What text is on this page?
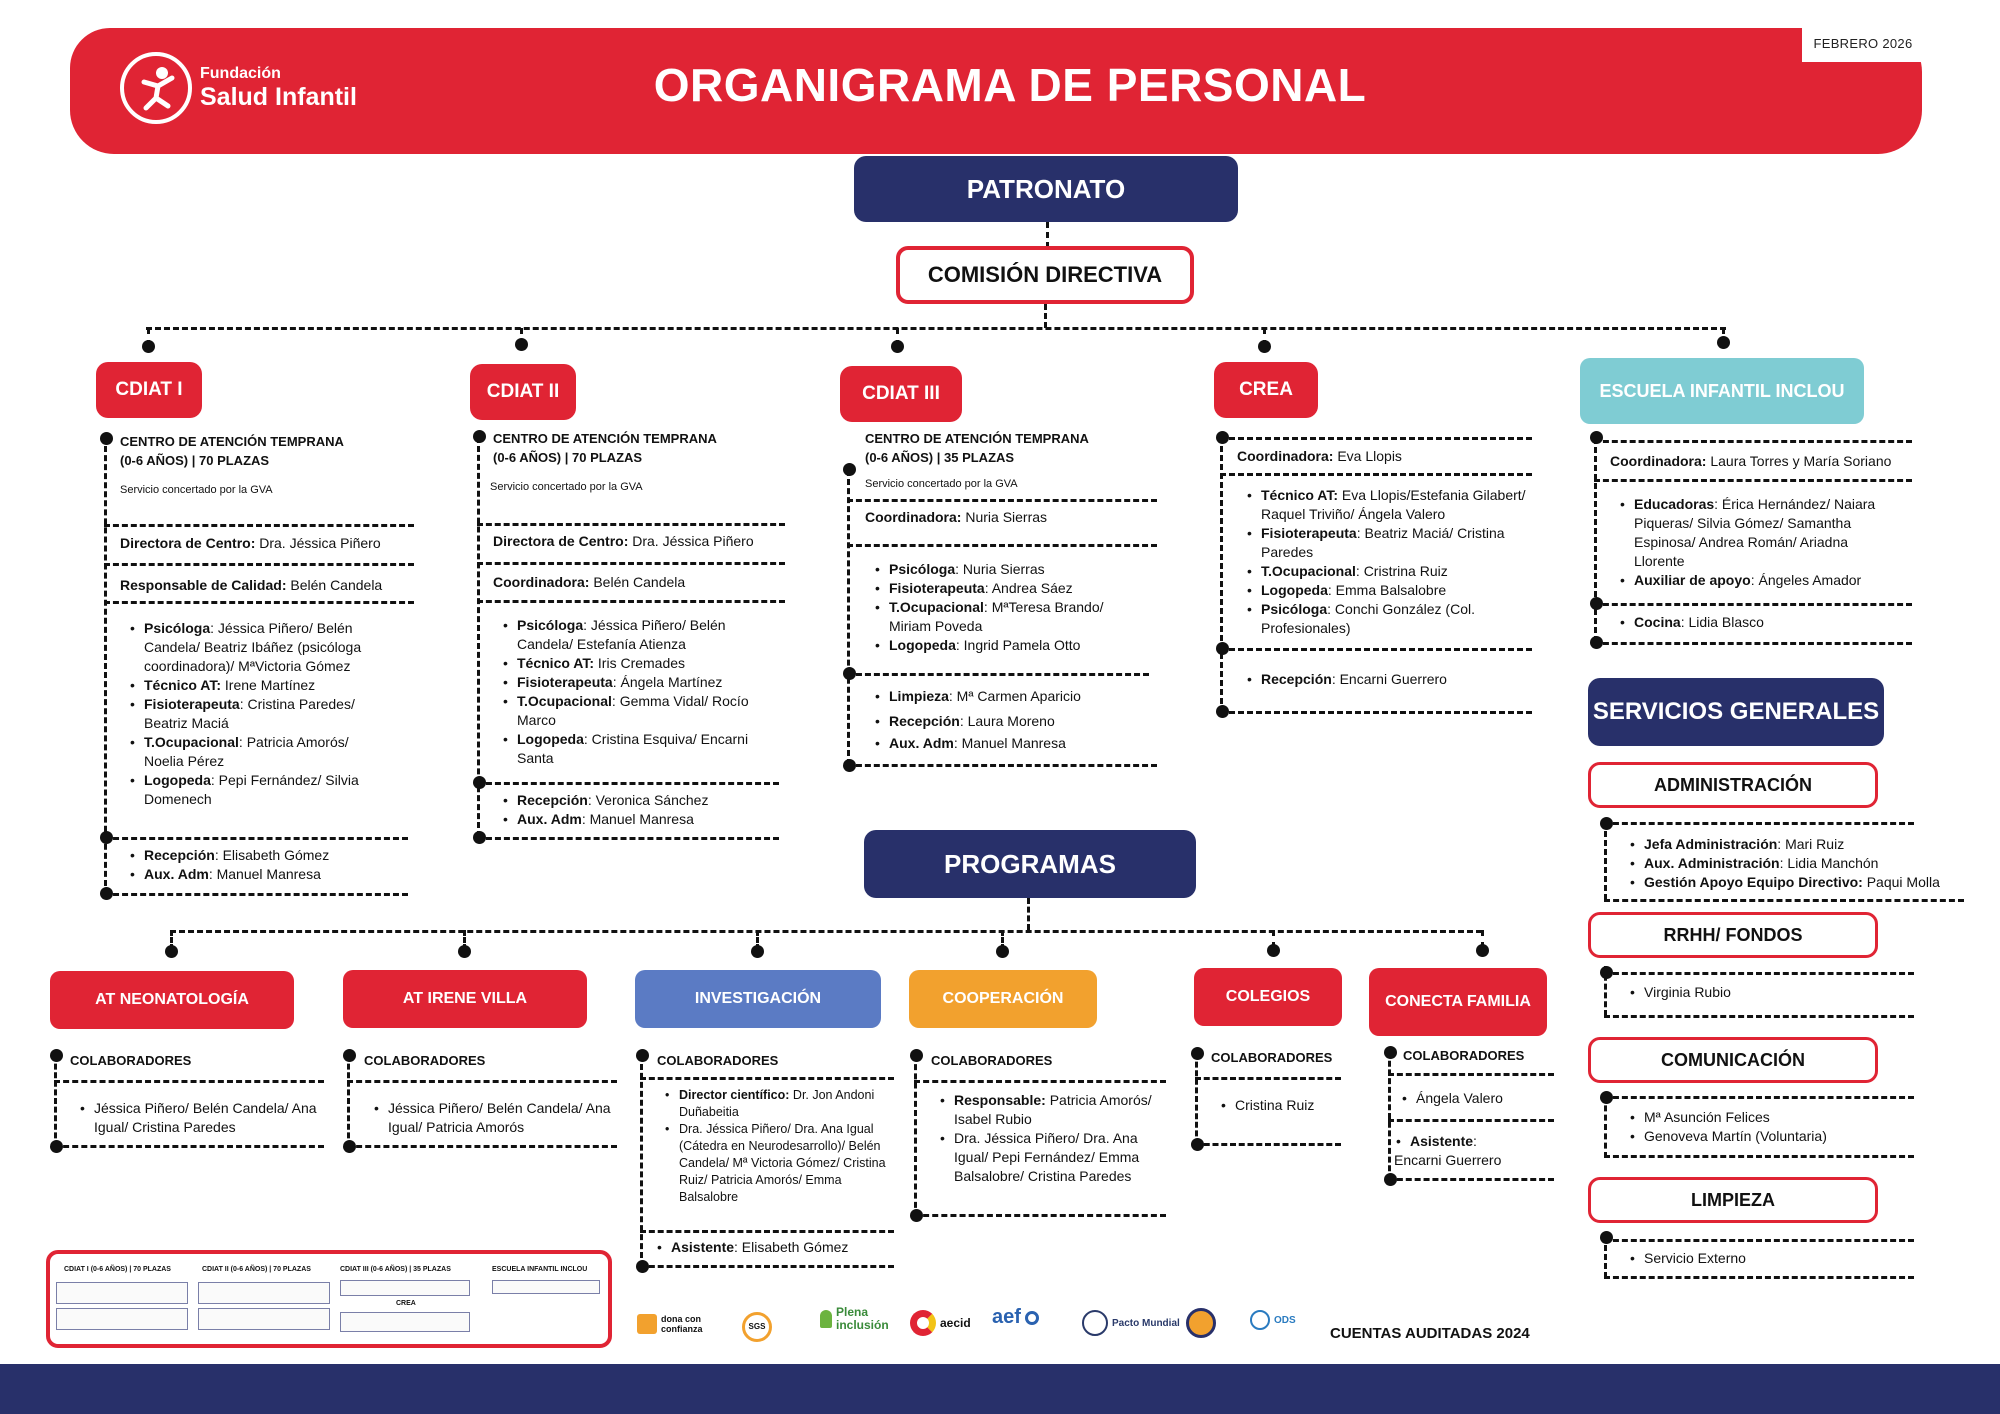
FEBRERO 2026
Fundación
Salud Infantil	ORGANIGRAMA DE PERSONAL
PATRONATO
COMISIÓN DIRECTIVA
CDIAT I
CENTRO DE ATENCIÓN TEMPRANA
(0-6 AÑOS) | 70 PLAZAS
Servicio concertado por la GVA
Directora de Centro: Dra. Jéssica Piñero
Responsable de Calidad: Belén Candela
• Psicóloga: Jéssica Piñero/ Belén Candela/ Beatriz Ibáñez (psicóloga coordinadora)/ MªVictoria Gómez
• Técnico AT: Irene Martínez
• Fisioterapeuta: Cristina Paredes/ Beatriz Maciá
• T.Ocupacional: Patricia Amorós/ Noelia Pérez
• Logopeda: Pepi Fernández/ Silvia Domenech
• Recepción: Elisabeth Gómez
• Aux. Adm: Manuel Manresa
CDIAT II
CENTRO DE ATENCIÓN TEMPRANA
(0-6 AÑOS) | 70 PLAZAS
Servicio concertado por la GVA
Directora de Centro: Dra. Jéssica Piñero
Coordinadora: Belén Candela
• Psicóloga: Jéssica Piñero/ Belén Candela/ Estefanía Atienza
• Técnico AT: Iris Cremades
• Fisioterapeuta: Ángela Martínez
• T.Ocupacional: Gemma Vidal/ Rocío Marco
• Logopeda: Cristina Esquiva/ Encarni Santa
• Recepción: Veronica Sánchez
• Aux. Adm: Manuel Manresa
CDIAT III
CENTRO DE ATENCIÓN TEMPRANA
(0-6 AÑOS) | 35 PLAZAS
Servicio concertado por la GVA
Coordinadora: Nuria Sierras
• Psicóloga: Nuria Sierras
• Fisioterapeuta: Andrea Sáez
• T.Ocupacional: MªTeresa Brando/ Miriam Poveda
• Logopeda: Ingrid Pamela Otto
• Limpieza: Mª Carmen Aparicio
• Recepción: Laura Moreno
• Aux. Adm: Manuel Manresa
CREA
Coordinadora: Eva Llopis
• Técnico AT: Eva Llopis/Estefania Gilabert/ Raquel Triviño/ Ángela Valero
• Fisioterapeuta: Beatriz Maciá/ Cristina Paredes
• T.Ocupacional: Cristrina Ruiz
• Logopeda: Emma Balsalobre
• Psicóloga: Conchi González (Col. Profesionales)
• Recepción: Encarni Guerrero
ESCUELA INFANTIL INCLOU
Coordinadora: Laura Torres y María Soriano
• Educadoras: Érica Hernández/ Naiara Piqueras/ Silvia Gómez/ Samantha Espinosa/ Andrea Román/ Ariadna Llorente
• Auxiliar de apoyo: Ángeles Amador
• Cocina: Lidia Blasco
SERVICIOS GENERALES
ADMINISTRACIÓN
• Jefa Administración: Mari Ruiz
• Aux. Administración: Lidia Manchón
• Gestión Apoyo Equipo Directivo: Paqui Molla
RRHH/ FONDOS
• Virginia Rubio
COMUNICACIÓN
• Mª Asunción Felices
• Genoveva Martín (Voluntaria)
LIMPIEZA
• Servicio Externo
PROGRAMAS
AT NEONATOLOGÍA
COLABORADORES
• Jéssica Piñero/ Belén Candela/ Ana Igual/ Cristina Paredes
AT IRENE VILLA
COLABORADORES
• Jéssica Piñero/ Belén Candela/ Ana Igual/ Patricia Amorós
INVESTIGACIÓN
COLABORADORES
• Director científico: Dr. Jon Andoni Duñabeitia
• Dra. Jéssica Piñero/ Dra. Ana Igual (Cátedra en Neurodesarrollo)/ Belén Candela/ Mª Victoria Gómez/ Cristina Ruiz/ Patricia Amorós/ Emma Balsalobre
• Asistente: Elisabeth Gómez
COOPERACIÓN
COLABORADORES
• Responsable: Patricia Amorós/ Isabel Rubio
• Dra. Jéssica Piñero/ Dra. Ana Igual/ Pepi Fernández/ Emma Balsalobre/ Cristina Paredes
COLEGIOS
COLABORADORES
• Cristina Ruiz
CONECTA FAMILIA
COLABORADORES
• Ángela Valero
• Asistente:
Encarni Guerrero
CDIAT I (0-6 AÑOS) | 70 PLAZAS	CDIAT II (0-6 AÑOS) | 70 PLAZAS	CDIAT III (0-6 AÑOS) | 35 PLAZAS	ESCUELA INFANTIL INCLOU
CREA
dona con confianza	SGS
Plena inclusión	aecid aef	Pacto Mundial	ODS
CUENTAS AUDITADAS 2024
